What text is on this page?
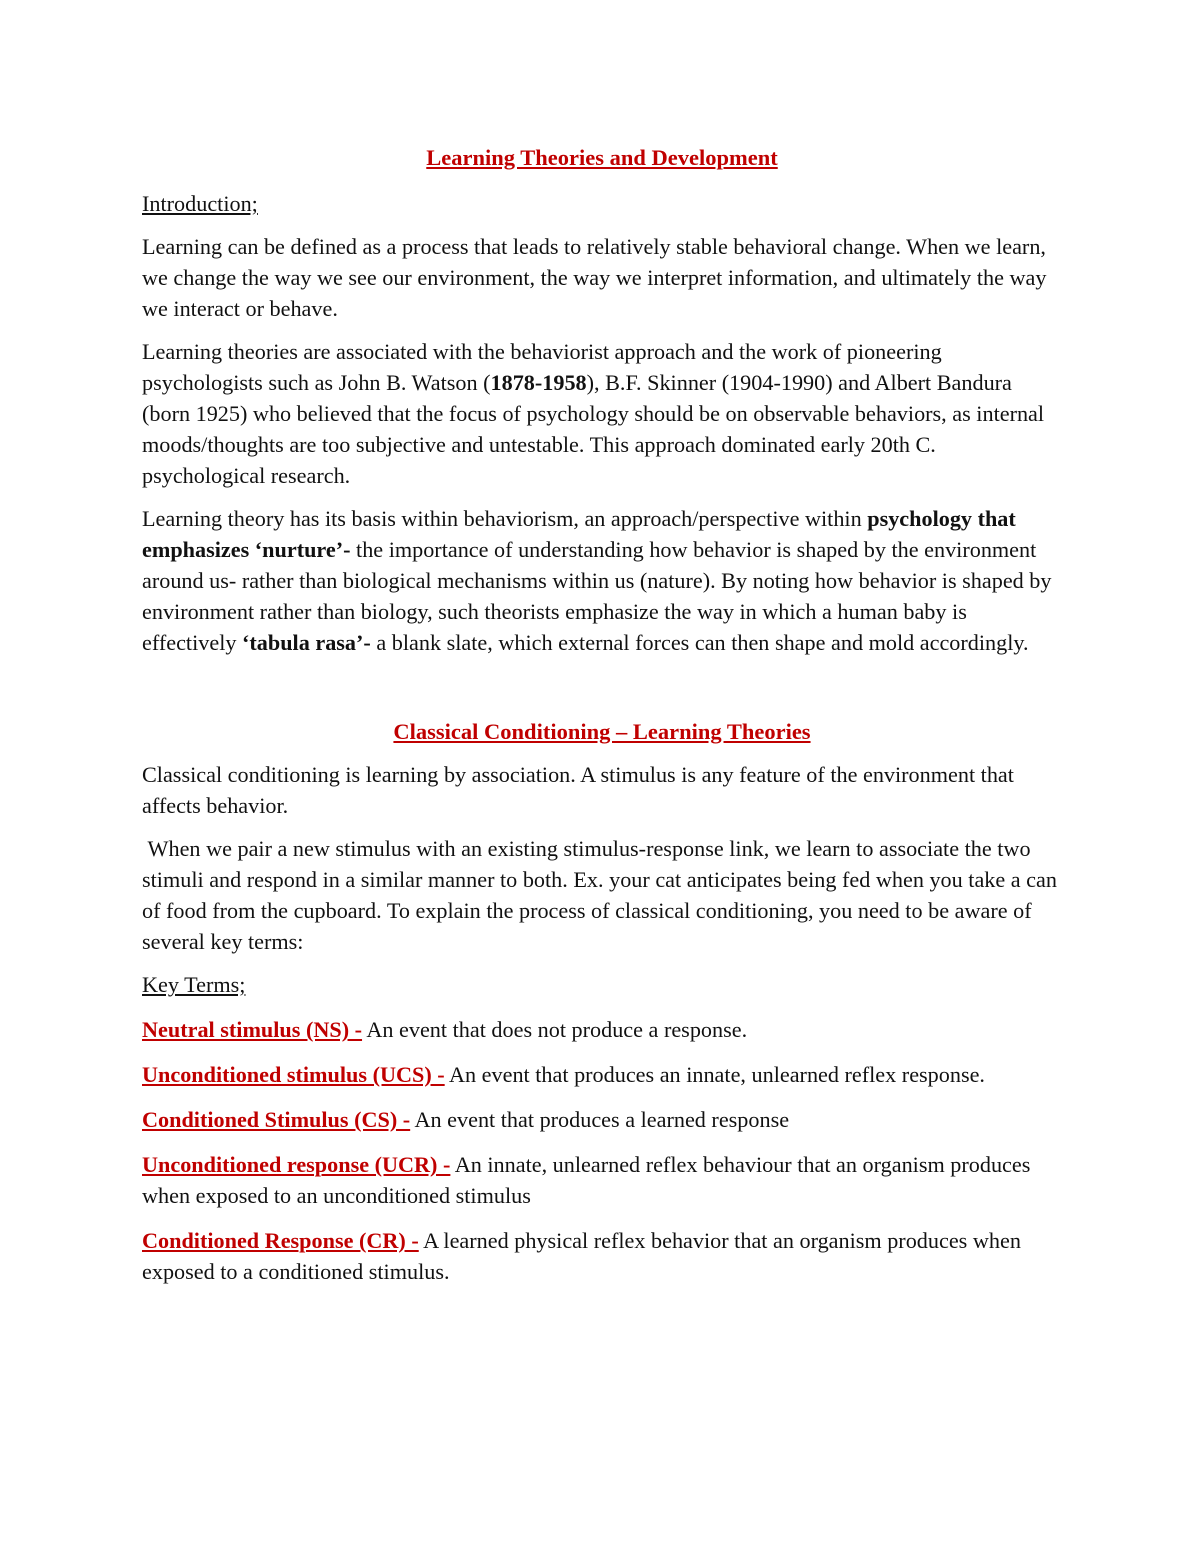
Learning Theories and Development

Introduction;

Learning can be defined as a process that leads to relatively stable behavioral change. When we learn, we change the way we see our environment, the way we interpret information, and ultimately the way we interact or behave.

Learning theories are associated with the behaviorist approach and the work of pioneering psychologists such as John B. Watson (1878-1958), B.F. Skinner (1904-1990) and Albert Bandura (born 1925) who believed that the focus of psychology should be on observable behaviors, as internal moods/thoughts are too subjective and untestable. This approach dominated early 20th C. psychological research.

Learning theory has its basis within behaviorism, an approach/perspective within psychology that emphasizes ‘nurture’- the importance of understanding how behavior is shaped by the environment around us- rather than biological mechanisms within us (nature). By noting how behavior is shaped by environment rather than biology, such theorists emphasize the way in which a human baby is effectively ‘tabula rasa’- a blank slate, which external forces can then shape and mold accordingly.

Classical Conditioning – Learning Theories

Classical conditioning is learning by association. A stimulus is any feature of the environment that affects behavior.

When we pair a new stimulus with an existing stimulus-response link, we learn to associate the two stimuli and respond in a similar manner to both. Ex. your cat anticipates being fed when you take a can of food from the cupboard. To explain the process of classical conditioning, you need to be aware of several key terms:

Key Terms;

Neutral stimulus (NS) - An event that does not produce a response.

Unconditioned stimulus (UCS) - An event that produces an innate, unlearned reflex response.

Conditioned Stimulus (CS) - An event that produces a learned response

Unconditioned response (UCR) - An innate, unlearned reflex behaviour that an organism produces when exposed to an unconditioned stimulus

Conditioned Response (CR) - A learned physical reflex behavior that an organism produces when exposed to a conditioned stimulus.
